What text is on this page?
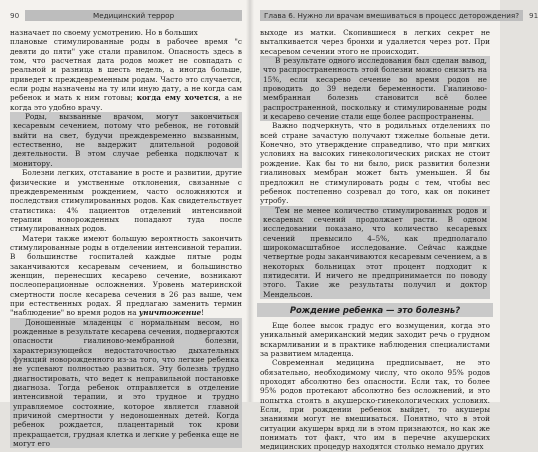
90	Медицинский террор

назначает по своему усмотрению. Но в больших

плановые стимулированные роды в рабочее время "с девяти до пяти" уже стали правилом. Опасность здесь в том, что расчетная дата родов может не совпадать с реальной и разница в шесть недель, а иногда больше, приведет к преждевременным родам. Часто это случается, если роды назначены на ту или иную дату, а не когда сам ребенок и мать к ним готовы; когда ему хочется, а не когда это удобно врачу.

Роды, вызванные врачом, могут закончиться кесаревым сечением, потому что ребенок, не готовый выйти на свет, будучи преждевременно вызванным, естественно, не выдержит длительной родовой деятельности. В этом случае ребенка подключат к монитору.

Болезни легких, отставание в росте и развитии, другие физические и умственные отклонения, связанные с преждевременным рождением, часто осложняются и последствия стимулированных родов. Как свидетельствует статистика: 4% пациентов отделений интенсивной терапии новорожденных попадают туда после стимулированных родов.

Матери также имеют большую вероятность закончить стимулированные роды в отделении интенсивной терапии. В большинстве госпиталей каждые пятые роды заканчиваются кесаревым сечением, и большинство женщин, перенесших кесарево сечение, возникают послеоперационные осложнения. Уровень материнской смертности после кесарева сечения в 26 раз выше, чем при естественных родах. Я предлагаю заменить термин "наблюдение" во время родов на уничтожение!

Доношенные младенцы с нормальным весом, но рожденные в результате кесарева сечения, подвергаются опасности гиалиново-мембранной болезни, характеризующейся недостаточностью дыхательных функций новорожденного из-за того, что легкие ребенка не успевают полностью развиться. Эту болезнь трудно диагностировать, что ведет к неправильной постановке диагноза. Тогда ребенок отправляется в отделение интенсивной терапии, и это трудное и трудно управляемое состояние, которое является главной причиной смертности у недоношенных детей. Когда ребенок рождается, плацентарный ток крови прекращается, грудная клетка и легкие у ребенка еще не могут его

Глава 6. Нужно ли врачам вмешиваться в процесс деторождения?	91

выходе из матки. Скопившиеся в легких секрет не выталкивается через бронхи и удаляется через рот. При кесаревом сечении этого не происходит.

В результате одного исследования был сделан вывод, что распространенность этой болезни можно снизить на 15%, если кесарево сечение во время родов не проводить до 39 недели беременности. Гиалиново-мембранная болезнь становится всё более распространенной, поскольку и стимулированные роды и кесарево сечение стали еще более распространены.

Важно подчеркнуть, что в родильных отделениях по всей стране зачастую получают тяжелые больные дети. Конечно, это утверждение справедливо, что при мягких условиях на высоких гинекологических рисках не стоит рождение. Как бы то ни было, риск развития болезни гиалиновых мембран может быть уменьшен. Я бы предложил не стимулировать роды с тем, чтобы вес ребенок постепенно созревал до того, как он покинет утробу.

Тем не менее количество стимулированных родов и кесаревых сечений продолжает расти. В одном исследовании показано, что количество кесаревых сечений превысило 4–5%, как предполагало широкомасштабное исследование. Сейчас каждые четвертые роды заканчиваются кесаревым сечением, а в некоторых больницах этот процент подходит к пятидесяти. И ничего не предпринимается по поводу этого. Такие же результаты получил и доктор Мендельсон.

Рождение ребенка — это болезнь?

Еще более высок градус его возмущения, когда это уникальный американский медик заходит речь о грудном вскармливании и в практике наблюдения специалистами за развитием младенца.

Современная медицина предписывает, не это обязательно, необходимому числу, что около 95% родов проходят абсолютно без опасности. Если так, то более 95% родов протекают абсолютно без осложнений, и это попытка стоять в акушерско-гинекологических условиях. Если, при рождении ребенок выйдет, то акушеры знаниями могут не вмешиваться. Понятно, что в этой ситуации акушеры вряд ли в этом признаются, но как же понимать тот факт, что им в перечне акушерских медицинских процедур находятся столько немало других
